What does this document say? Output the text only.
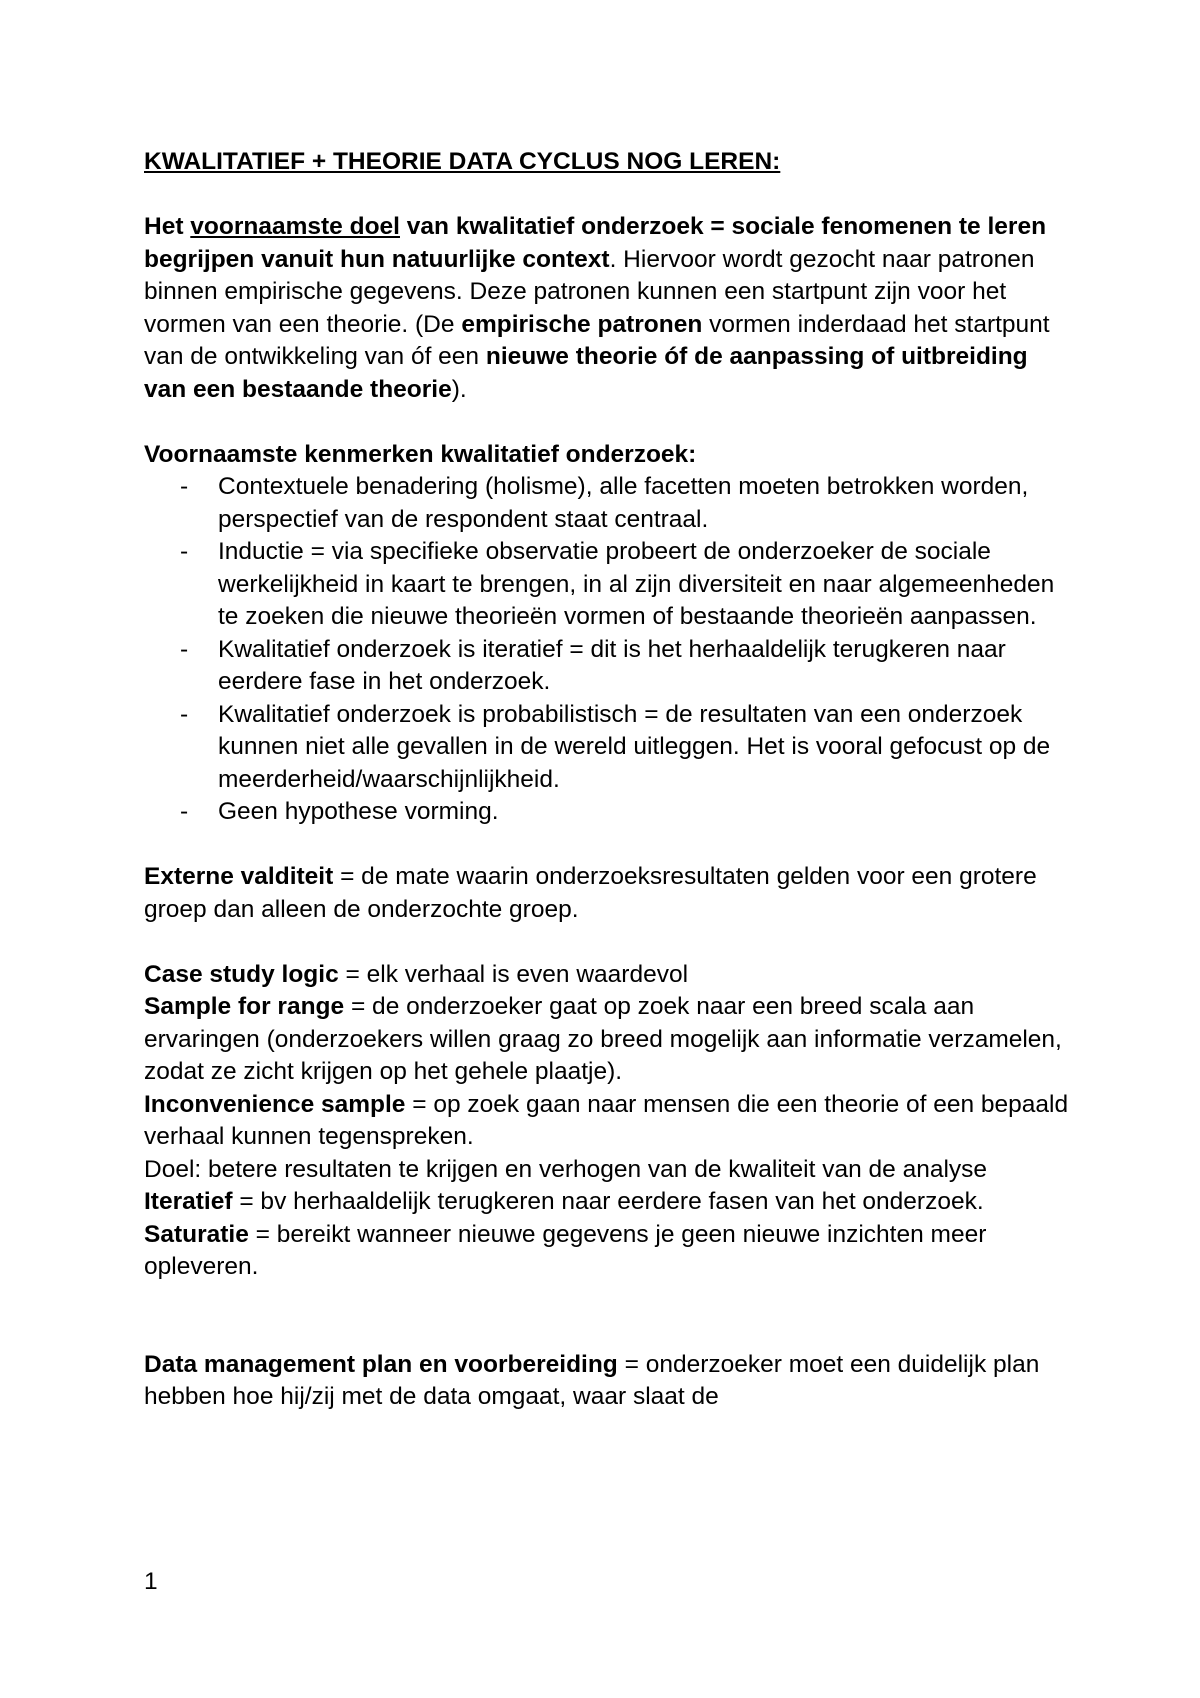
KWALITATIEF + THEORIE DATA CYCLUS NOG LEREN:
Het voornaamste doel van kwalitatief onderzoek = sociale fenomenen te leren begrijpen vanuit hun natuurlijke context. Hiervoor wordt gezocht naar patronen binnen empirische gegevens. Deze patronen kunnen een startpunt zijn voor het vormen van een theorie. (De empirische patronen vormen inderdaad het startpunt van de ontwikkeling van óf een nieuwe theorie óf de aanpassing of uitbreiding van een bestaande theorie).
Voornaamste kenmerken kwalitatief onderzoek:
- Contextuele benadering (holisme), alle facetten moeten betrokken worden, perspectief van de respondent staat centraal.
- Inductie = via specifieke observatie probeert de onderzoeker de sociale werkelijkheid in kaart te brengen, in al zijn diversiteit en naar algemeenheden te zoeken die nieuwe theorieën vormen of bestaande theorieën aanpassen.
- Kwalitatief onderzoek is iteratief = dit is het herhaaldelijk terugkeren naar eerdere fase in het onderzoek.
- Kwalitatief onderzoek is probabilistisch = de resultaten van een onderzoek kunnen niet alle gevallen in de wereld uitleggen. Het is vooral gefocust op de meerderheid/waarschijnlijkheid.
- Geen hypothese vorming.
Externe valditeit = de mate waarin onderzoeksresultaten gelden voor een grotere groep dan alleen de onderzochte groep.
Case study logic = elk verhaal is even waardevol
Sample for range = de onderzoeker gaat op zoek naar een breed scala aan ervaringen (onderzoekers willen graag zo breed mogelijk aan informatie verzamelen, zodat ze zicht krijgen op het gehele plaatje).
Inconvenience sample = op zoek gaan naar mensen die een theorie of een bepaald verhaal kunnen tegenspreken.
Doel: betere resultaten te krijgen en verhogen van de kwaliteit van de analyse
Iteratief = bv herhaaldelijk terugkeren naar eerdere fasen van het onderzoek.
Saturatie = bereikt wanneer nieuwe gegevens je geen nieuwe inzichten meer opleveren.
Data management plan en voorbereiding = onderzoeker moet een duidelijk plan hebben hoe hij/zij met de data omgaat, waar slaat de
1
